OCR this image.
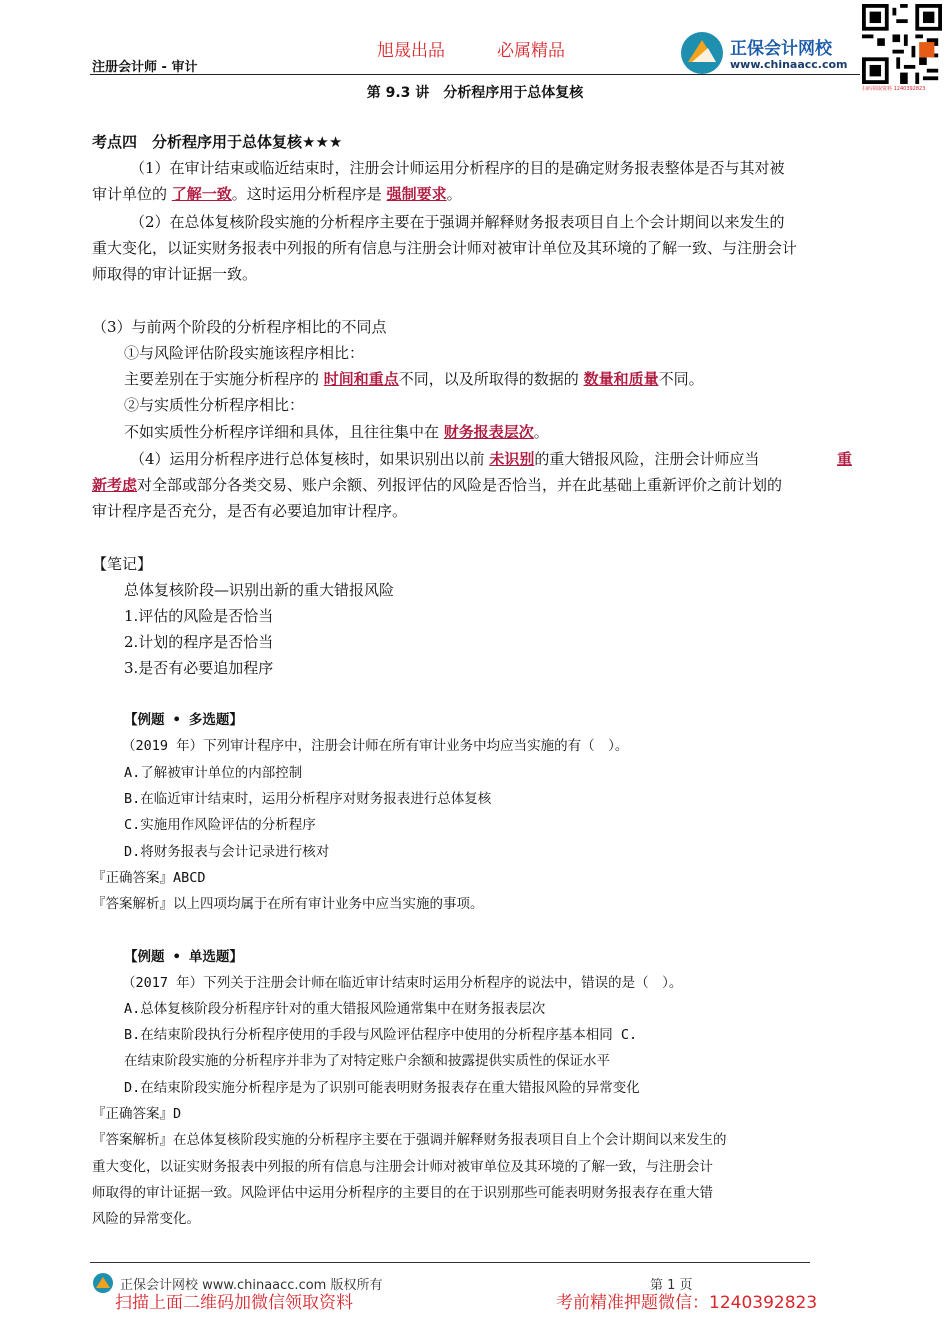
注册会计师 - 审计
旭晟出品	必属精品	正保会计网校
www.chinaacc.com
扫码领取资料 1240392823
第 9.3 讲　分析程序用于总体复核
考点四　分析程序用于总体复核★★★
（1）在审计结束或临近结束时，注册会计师运用分析程序的目的是确定财务报表整体是否与其对被
审计单位的 了解一致。这时运用分析程序是 强制要求。
（2）在总体复核阶段实施的分析程序主要在于强调并解释财务报表项目自上个会计期间以来发生的
重大变化，以证实财务报表中列报的所有信息与注册会计师对被审计单位及其环境的了解一致、与注册会计
师取得的审计证据一致。
（3）与前两个阶段的分析程序相比的不同点
①与风险评估阶段实施该程序相比：
主要差别在于实施分析程序的 时间和重点不同，以及所取得的数据的 数量和质量不同。
②与实质性分析程序相比：
不如实质性分析程序详细和具体，且往往集中在 财务报表层次。
（4）运用分析程序进行总体复核时，如果识别出以前 未识别的重大错报风险，注册会计师应当	重
新考虑对全部或部分各类交易、账户余额、列报评估的风险是否恰当，并在此基础上重新评价之前计划的
审计程序是否充分，是否有必要追加审计程序。
【笔记】
总体复核阶段—识别出新的重大错报风险
1.评估的风险是否恰当
2.计划的程序是否恰当
3.是否有必要追加程序
【例题 • 多选题】
（2019 年）下列审计程序中，注册会计师在所有审计业务中均应当实施的有（　）。
A.了解被审计单位的内部控制
B.在临近审计结束时，运用分析程序对财务报表进行总体复核
C.实施用作风险评估的分析程序
D.将财务报表与会计记录进行核对
『正确答案』ABCD
『答案解析』以上四项均属于在所有审计业务中应当实施的事项。
【例题 • 单选题】
（2017 年）下列关于注册会计师在临近审计结束时运用分析程序的说法中，错误的是（　）。
A.总体复核阶段分析程序针对的重大错报风险通常集中在财务报表层次
B.在结束阶段执行分析程序使用的手段与风险评估程序中使用的分析程序基本相同 C.
在结束阶段实施的分析程序并非为了对特定账户余额和披露提供实质性的保证水平
D.在结束阶段实施分析程序是为了识别可能表明财务报表存在重大错报风险的异常变化
『正确答案』D
『答案解析』在总体复核阶段实施的分析程序主要在于强调并解释财务报表项目自上个会计期间以来发生的
重大变化，以证实财务报表中列报的所有信息与注册会计师对被审单位及其环境的了解一致，与注册会计
师取得的审计证据一致。风险评估中运用分析程序的主要目的在于识别那些可能表明财务报表存在重大错
风险的异常变化。
正保会计网校 www.chinaacc.com 版权所有	第 1 页
扫描上面二维码加微信领取资料	考前精准押题微信：1240392823
